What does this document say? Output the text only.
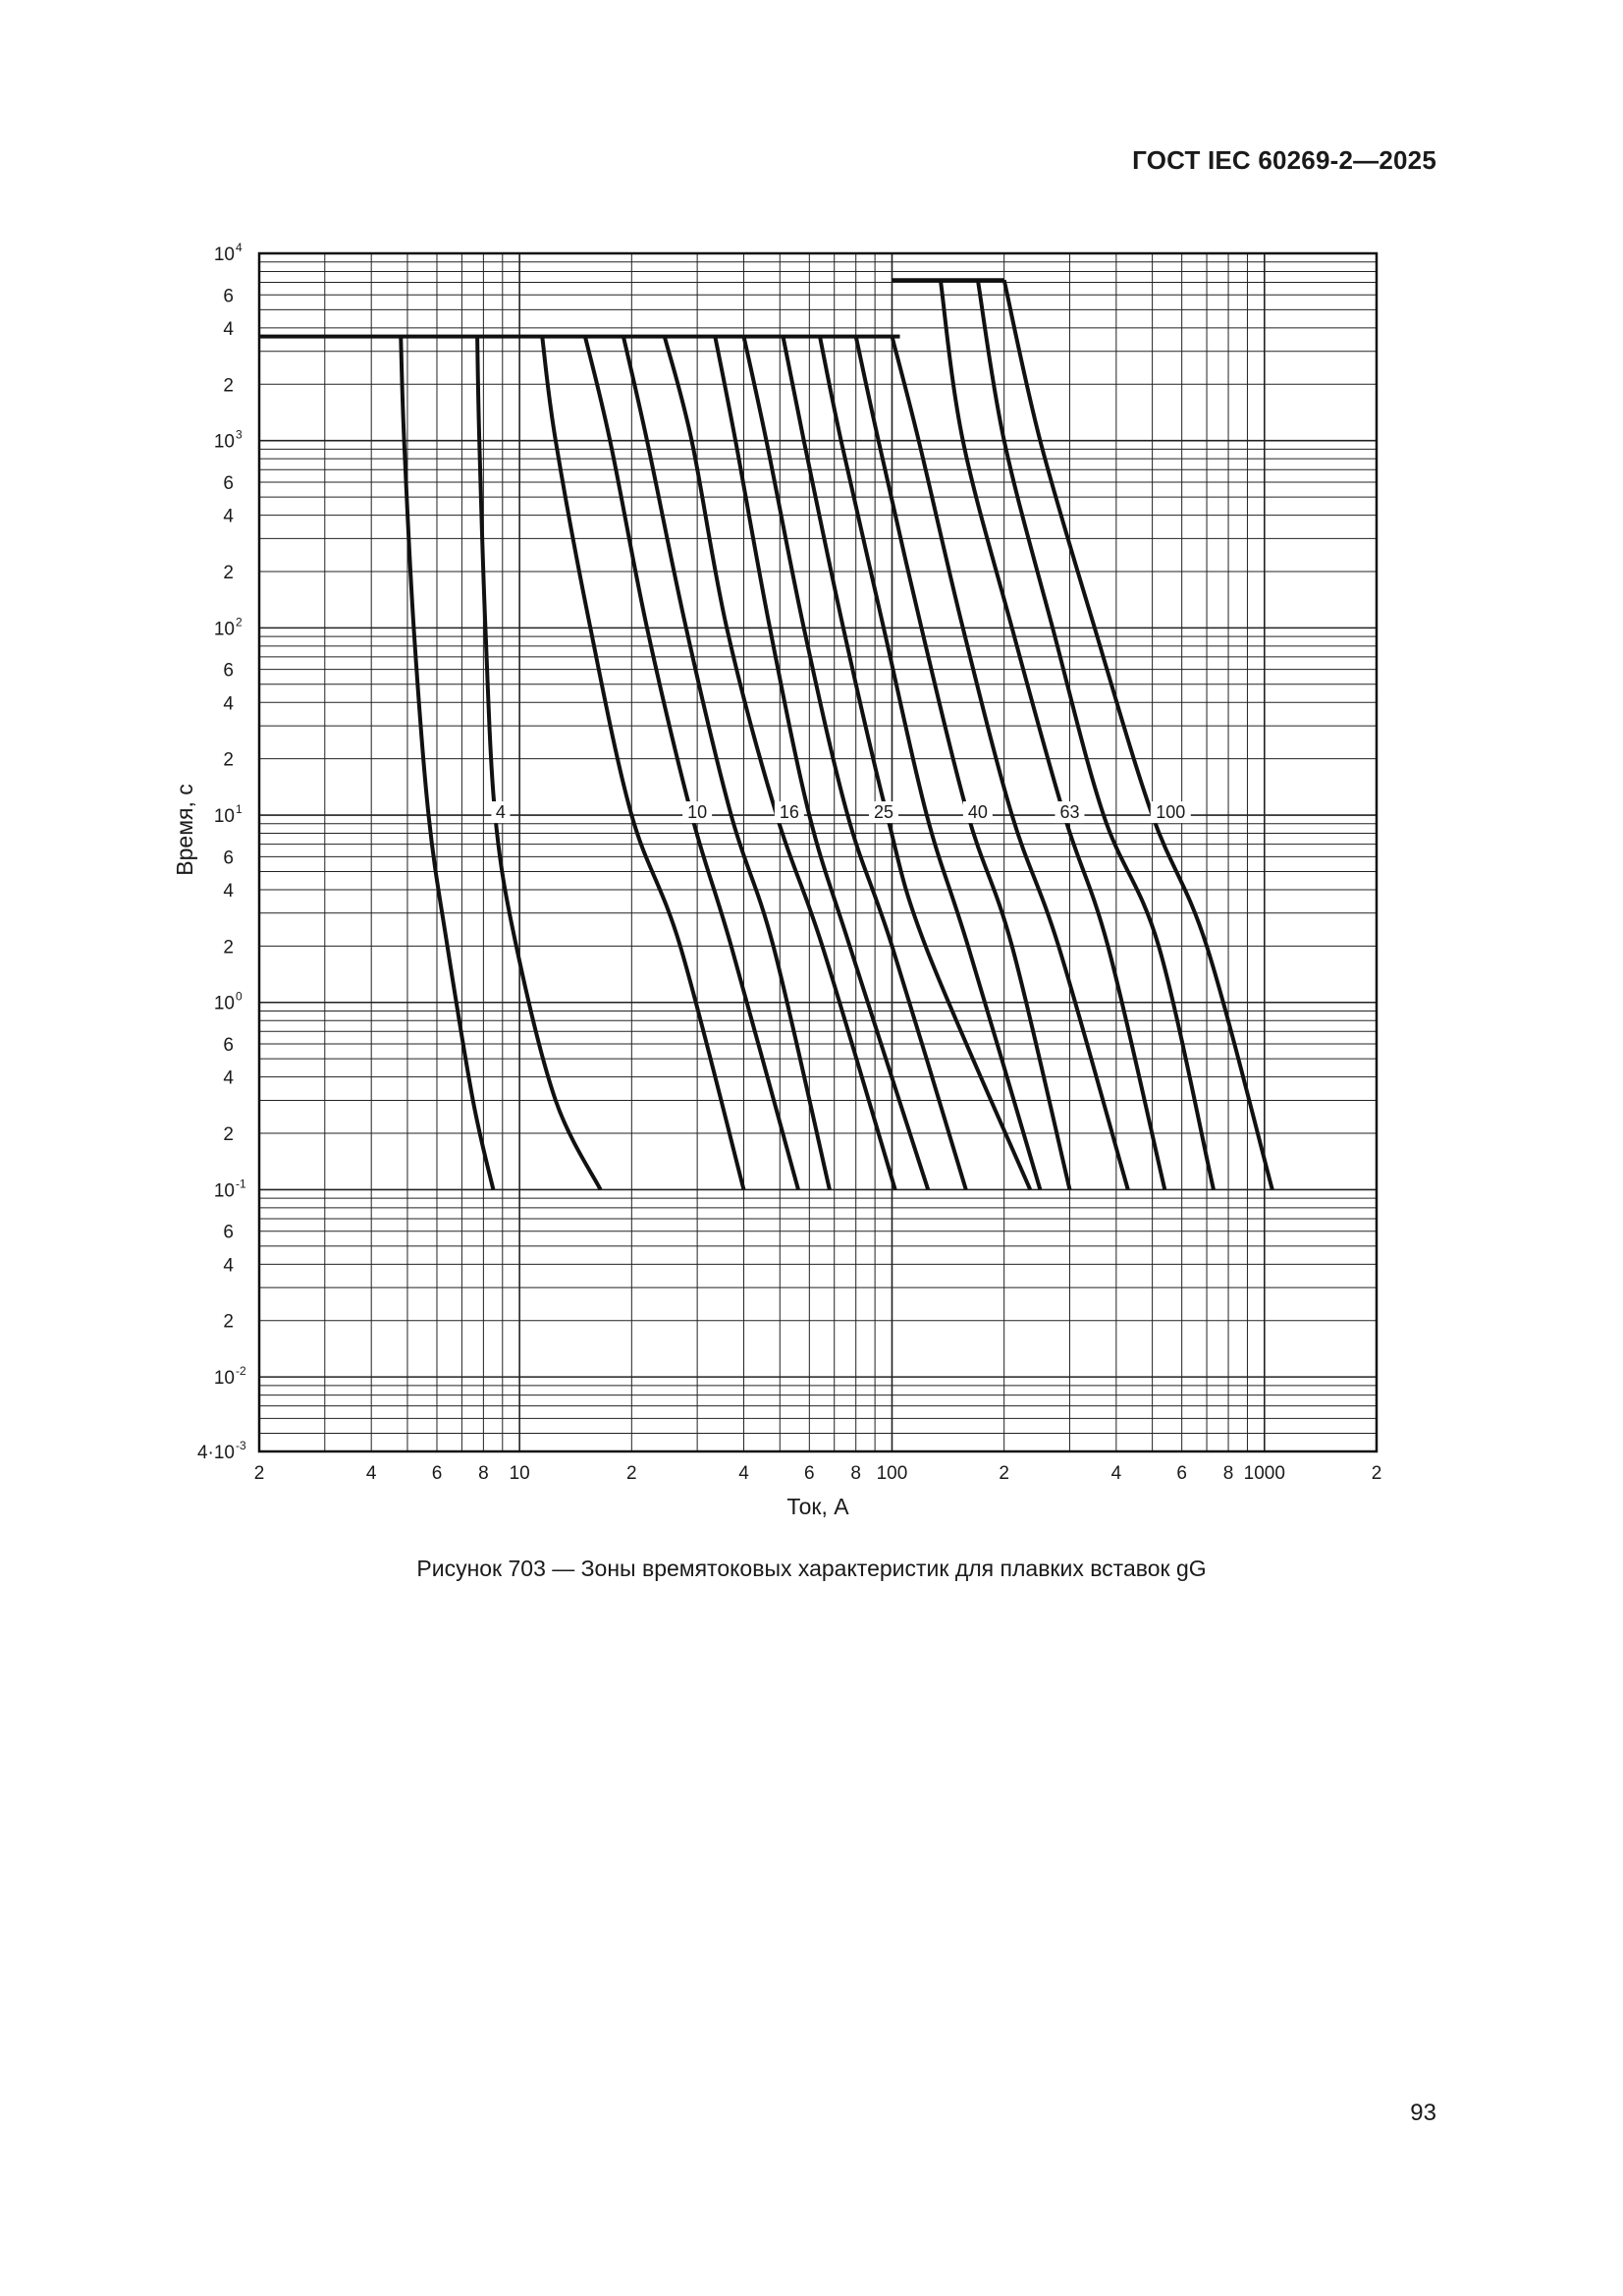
ГОСТ IEC 60269-2—2025
2	4	6 8 10	2	4	6 8 100	2	4	6 8 1000	2
4
10
6
4
2
3
10
6
4
2
2
10
6
4
2
1
10
6
4
2
0
10
6
4
2
-1
10
6
4
2
-2
10
-3
4·10
4	10	16	25	40	63	100
Ток, А
Время, с
Рисунок 703 — Зоны времятоковых характеристик для плавких вставок gG
93
